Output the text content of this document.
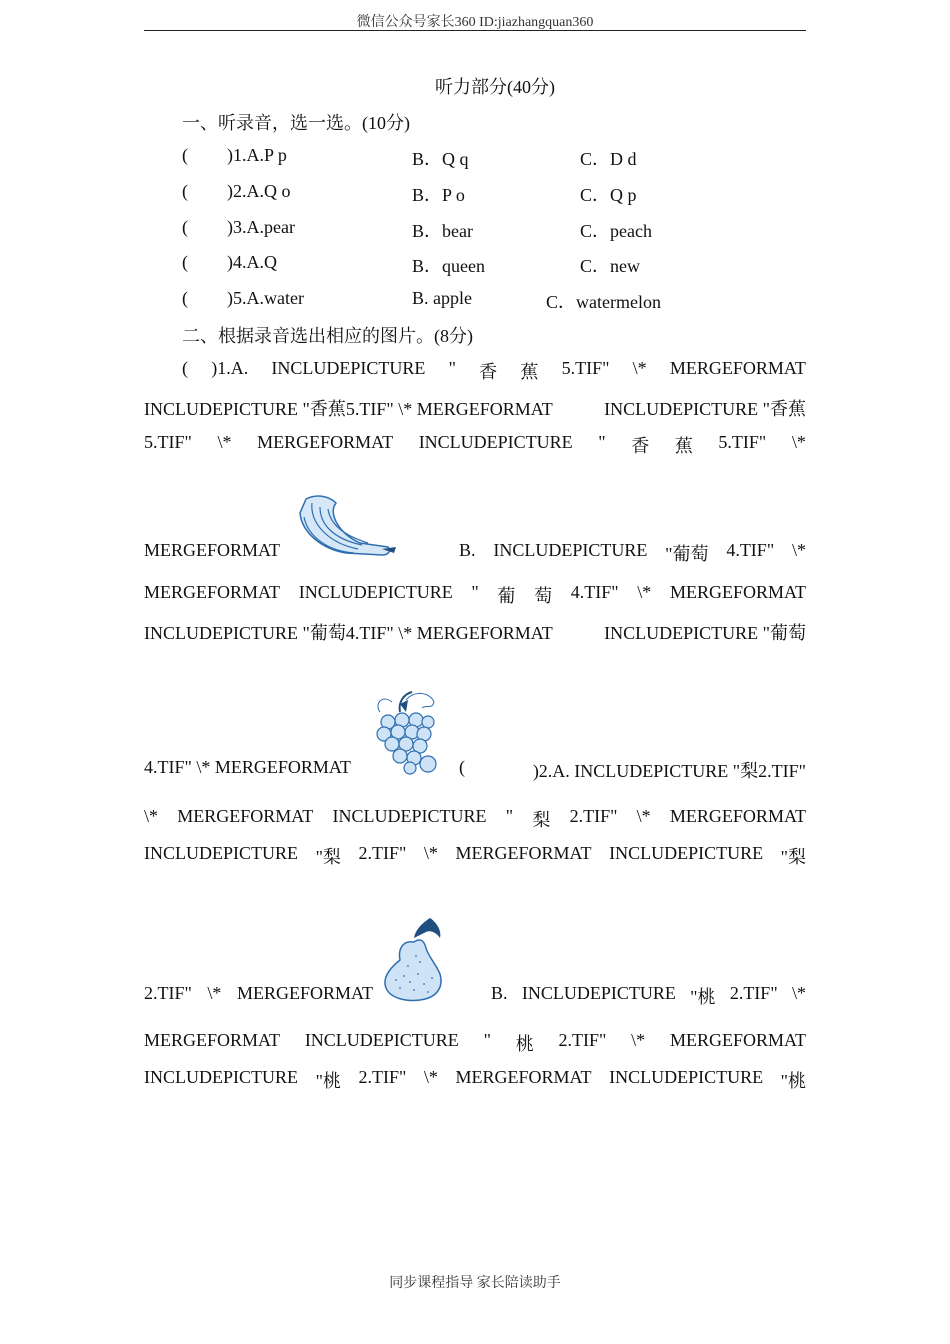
微信公众号家长360 ID:jiazhangquan360
听力部分(40分)
一、听录音，选一选。(10分)
( )1.A.P p	B．Q q	C．D d
( )2.A.Q o	B．P o	C．Q p
( )3.A.pear	B．bear	C．peach
( )4.A.Q	B．queen	C．new
( )5.A.water	B. apple	C．watermelon
二、根据录音选出相应的图片。(8分)
( )1.A. INCLUDEPICTURE " 香 蕉 5.TIF" \* MERGEFORMAT
INCLUDEPICTURE "香蕉5.TIF" \* MERGEFORMAT	INCLUDEPICTURE "香蕉
5.TIF" \* MERGEFORMAT INCLUDEPICTURE " 香 蕉 5.TIF" \*
MERGEFORMAT	B. INCLUDEPICTURE "葡萄 4.TIF" \*
MERGEFORMAT INCLUDEPICTURE " 葡 萄 4.TIF" \* MERGEFORMAT
INCLUDEPICTURE "葡萄4.TIF" \* MERGEFORMAT	INCLUDEPICTURE "葡萄
4.TIF" \* MERGEFORMAT	(	)2.A. INCLUDEPICTURE "梨2.TIF"
\* MERGEFORMAT INCLUDEPICTURE " 梨 2.TIF" \* MERGEFORMAT
INCLUDEPICTURE "梨 2.TIF" \* MERGEFORMAT INCLUDEPICTURE "梨
2.TIF" \* MERGEFORMAT	B. INCLUDEPICTURE "桃 2.TIF" \*
MERGEFORMAT INCLUDEPICTURE " 桃 2.TIF" \* MERGEFORMAT
INCLUDEPICTURE "桃 2.TIF" \* MERGEFORMAT INCLUDEPICTURE "桃
同步课程指导 家长陪读助手
